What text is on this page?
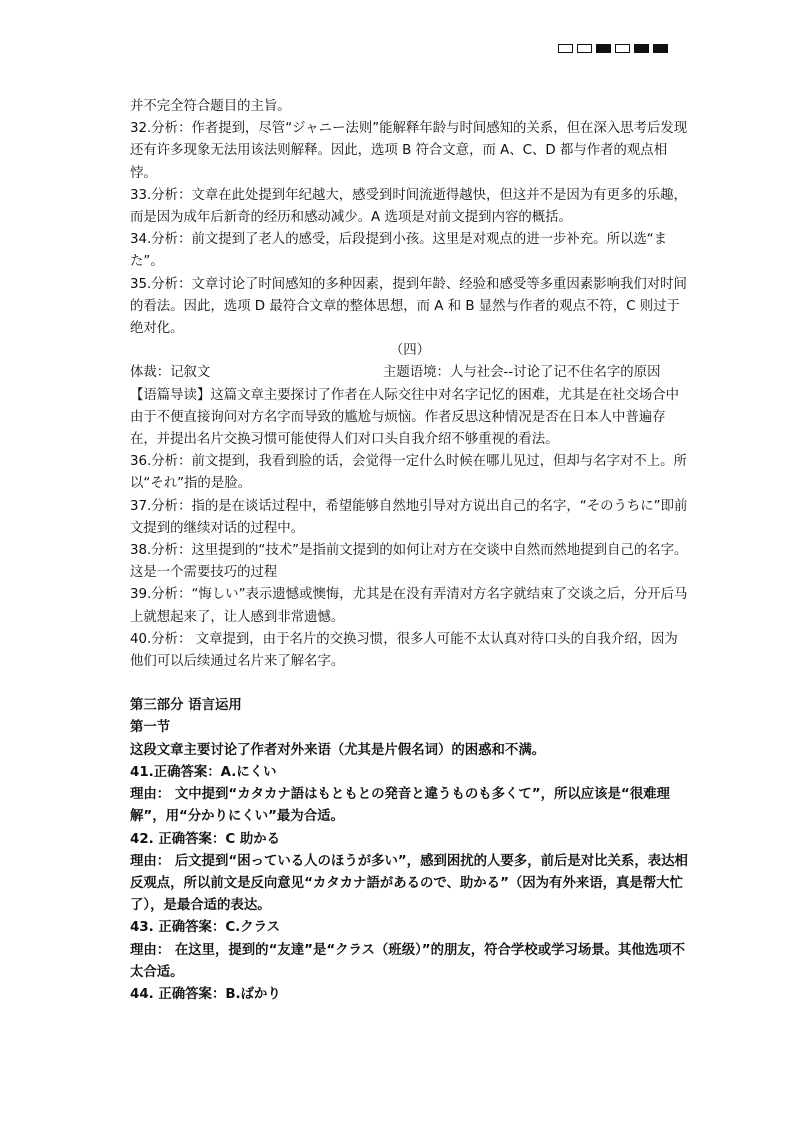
并不完全符合题目的主旨。

32.分析：作者提到，尽管“ジャニー法则”能解释年龄与时间感知的关系，但在深入思考后发现还有许多现象无法用该法则解释。因此，选项 B 符合文意，而 A、C、D 都与作者的观点相悖。

33.分析：文章在此处提到年纪越大，感受到时间流逝得越快，但这并不是因为有更多的乐趣，而是因为成年后新奇的经历和感动减少。A 选项是对前文提到内容的概括。

34.分析：前文提到了老人的感受，后段提到小孩。这里是对观点的进一步补充。所以选“また”。

35.分析：文章讨论了时间感知的多种因素，提到年龄、经验和感受等多重因素影响我们对时间的看法。因此，选项 D 最符合文章的整体思想，而 A 和 B 显然与作者的观点不符，C 则过于绝对化。

（四）

体裁：记叙文	主题语境：人与社会--讨论了记不住名字的原因

【语篇导读】这篇文章主要探讨了作者在人际交往中对名字记忆的困难，尤其是在社交场合中由于不便直接询问对方名字而导致的尴尬与烦恼。作者反思这种情况是否在日本人中普遍存在，并提出名片交换习惯可能使得人们对口头自我介绍不够重视的看法。

36.分析：前文提到，我看到脸的话，会觉得一定什么时候在哪儿见过，但却与名字对不上。所以“それ”指的是脸。

37.分析：指的是在谈话过程中，希望能够自然地引导对方说出自己的名字，“そのうちに”即前文提到的继续对话的过程中。

38.分析：这里提到的“技术”是指前文提到的如何让对方在交谈中自然而然地提到自己的名字。这是一个需要技巧的过程

39.分析：“悔しい”表示遗憾或懊悔，尤其是在没有弄清对方名字就结束了交谈之后，分开后马上就想起来了，让人感到非常遗憾。

40.分析： 文章提到，由于名片的交换习惯，很多人可能不太认真对待口头的自我介绍，因为他们可以后续通过名片来了解名字。

第三部分 语言运用

第一节

这段文章主要讨论了作者对外来语（尤其是片假名词）的困惑和不满。

41.正确答案：A.にくい

理由： 文中提到“カタカナ語はもともとの発音と違うものも多くて”，所以应该是“很难理解”，用“分かりにくい”最为合适。

42. 正确答案：C 助かる

理由： 后文提到“困っている人のほうが多い”，感到困扰的人要多，前后是对比关系，表达相反观点，所以前文是反向意见“カタカナ語があるので、助かる”（因为有外来语，真是帮大忙了），是最合适的表达。

43. 正确答案：C.クラス

理由： 在这里，提到的“友達”是“クラス（班级）”的朋友，符合学校或学习场景。其他选项不太合适。

44. 正确答案：B.ばかり
